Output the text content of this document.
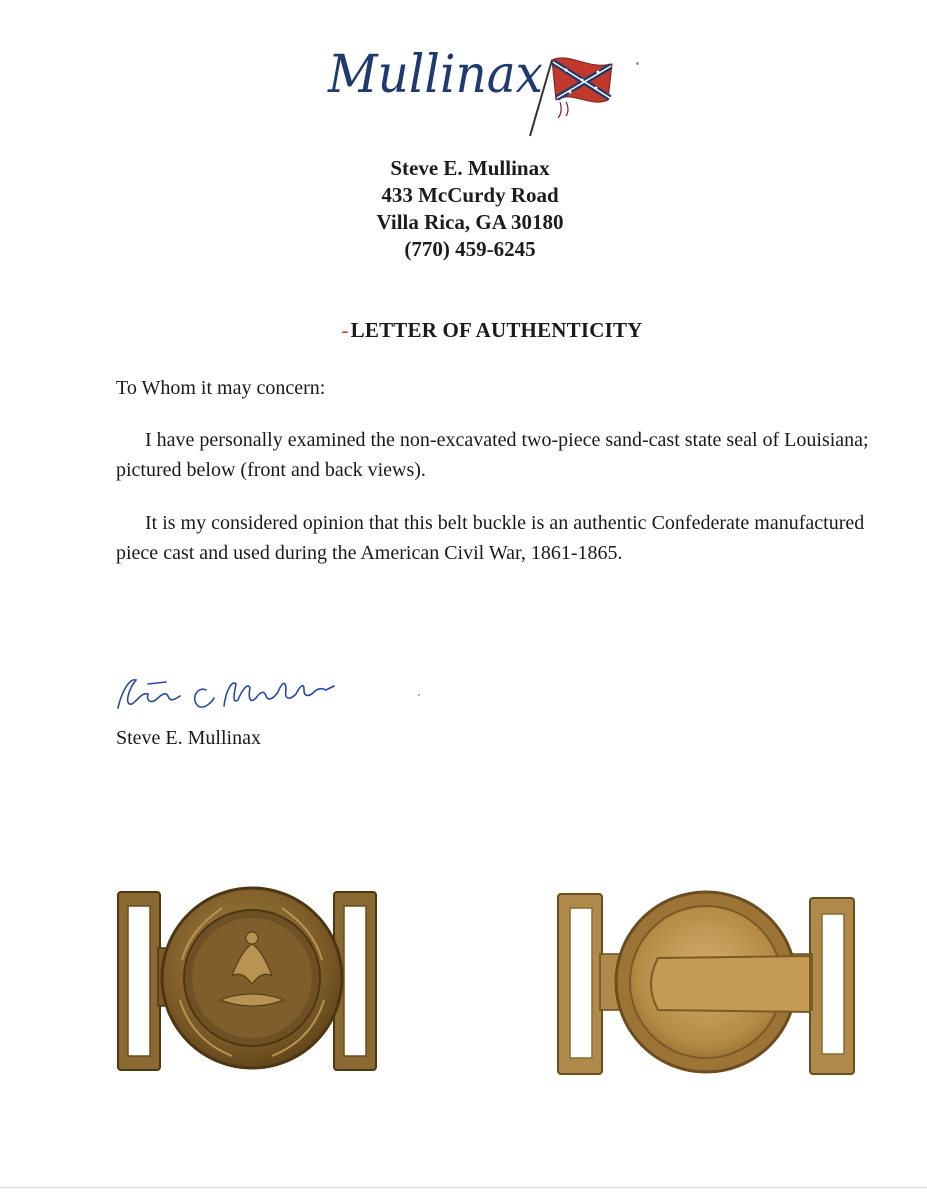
Mullinax
Steve E. Mullinax
433 McCurdy Road
Villa Rica, GA 30180
(770) 459-6245
-LETTER OF AUTHENTICITY
To Whom it may concern:
I have personally examined the non-excavated two-piece sand-cast state seal of Louisiana; pictured below (front and back views).
It is my considered opinion that this belt buckle is an authentic Confederate manufactured piece cast and used during the American Civil War, 1861-1865.
Steve E. Mullinax
